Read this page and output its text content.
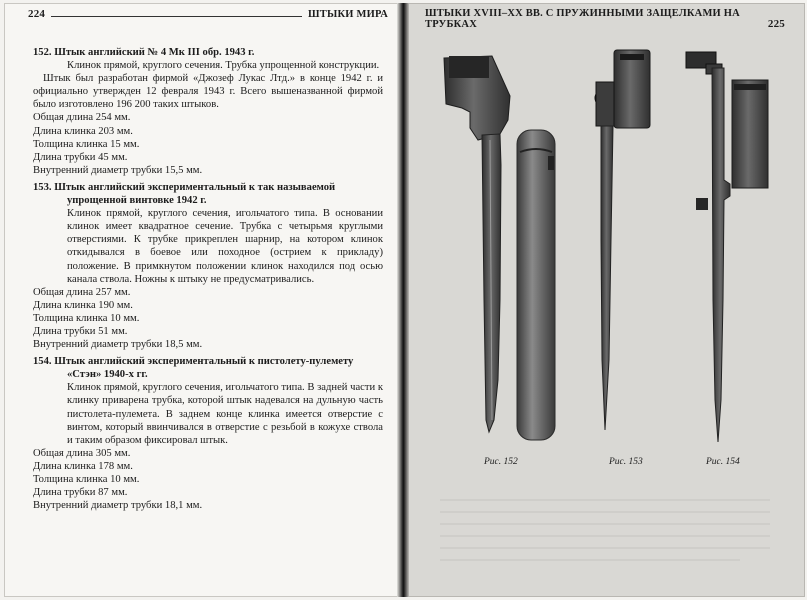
224	ШТЫКИ МИРА	ШТЫКИ XVIII–XX ВВ. С ПРУЖИННЫМИ ЗАЩЕЛКАМИ НА ТРУБКАХ	225

152. Штык английский № 4 Мк III обр. 1943 г.

Клинок прямой, круглого сечения. Трубка упрощенной конструкции.

Штык был разработан фирмой «Джозеф Лукас Лтд.» в конце 1942 г. и официально утвержден 12 февраля 1943 г. Всего вышеназванной фирмой было изготовлено 196 200 таких штыков.

Общая длина 254 мм.

Длина клинка 203 мм.

Толщина клинка 15 мм.

Длина трубки 45 мм.

Внутренний диаметр трубки 15,5 мм.

153. Штык английский экспериментальный к так называемой
упрощенной винтовке 1942 г.

Клинок прямой, круглого сечения, игольчатого типа. В основании клинок имеет квадратное сечение. Трубка с четырьмя круглыми отверстиями. К трубке прикреплен шарнир, на котором клинок откидывался в боевое или походное (острием к прикладу) положение. В примкнутом положении клинок находился под осью канала ствола. Ножны к штыку не предусматривались.

Общая длина 257 мм.

Длина клинка 190 мм.

Толщина клинка 10 мм.

Длина трубки 51 мм.

Внутренний диаметр трубки 18,5 мм.

154. Штык английский экспериментальный к пистолету-пулемету
«Стэн» 1940-х гг.

Клинок прямой, круглого сечения, игольчатого типа. В задней части к клинку приварена трубка, которой штык надевался на дульную часть пистолета-пулемета. В заднем конце клинка имеется отверстие с винтом, который ввинчивался в отверстие с резьбой в кожухе ствола и таким образом фиксировал штык.

Общая длина 305 мм.

Длина клинка 178 мм.

Толщина клинка 10 мм.

Длина трубки 87 мм.

Внутренний диаметр трубки 18,1 мм.

Рис. 152	Рис. 153	Рис. 154
